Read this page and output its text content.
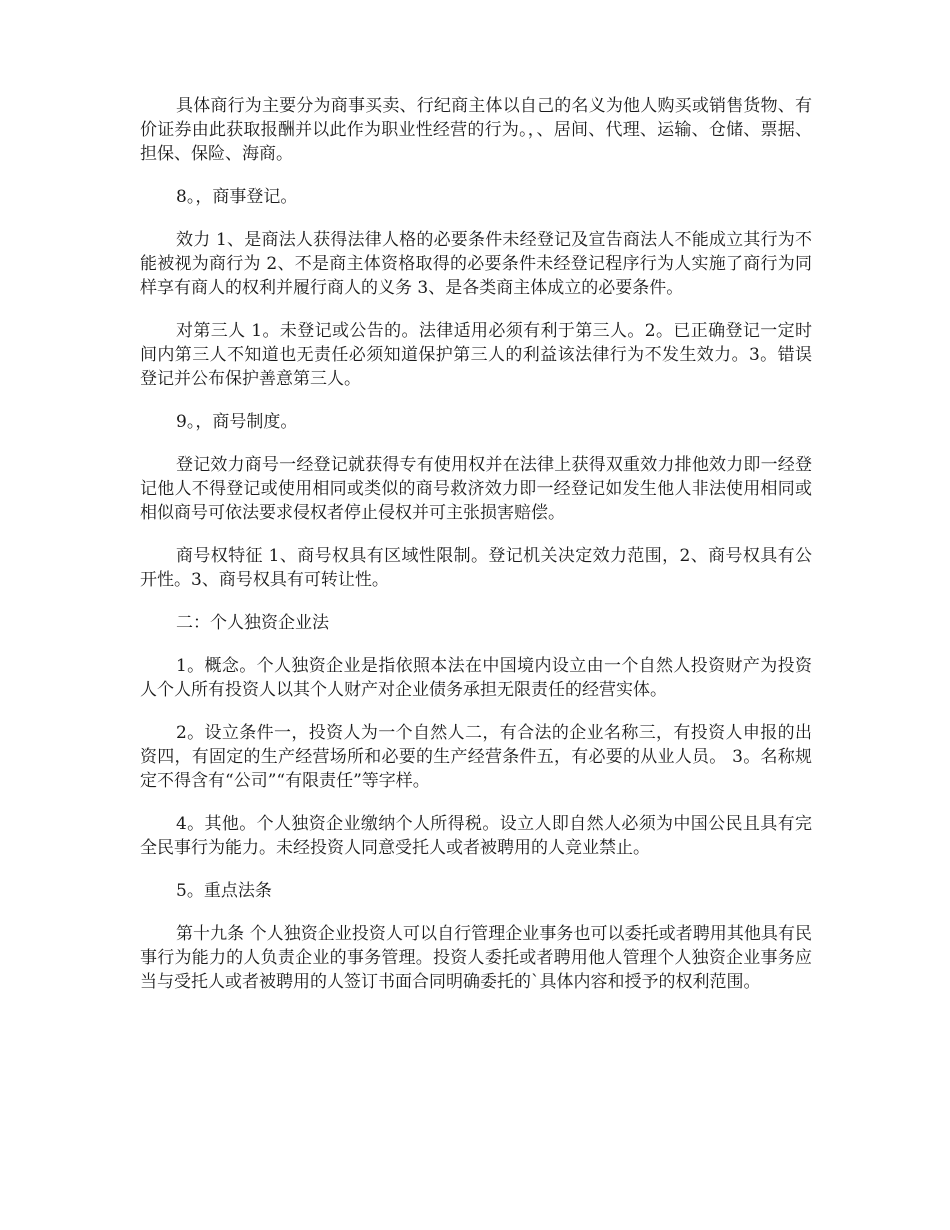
具体商行为主要分为商事买卖、行纪商主体以自己的名义为他人购买或销售货物、有价证券由此获取报酬并以此作为职业性经营的行为。，、居间、代理、运输、仓储、票据、担保、保险、海商。

8。，商事登记。

效力 1、是商法人获得法律人格的必要条件未经登记及宣告商法人不能成立其行为不能被视为商行为 2、不是商主体资格取得的必要条件未经登记程序行为人实施了商行为同样享有商人的权利并履行商人的义务 3、是各类商主体成立的必要条件。

对第三人 1。未登记或公告的。法律适用必须有利于第三人。2。已正确登记一定时间内第三人不知道也无责任必须知道保护第三人的利益该法律行为不发生效力。3。错误登记并公布保护善意第三人。

9。，商号制度。

登记效力商号一经登记就获得专有使用权并在法律上获得双重效力排他效力即一经登记他人不得登记或使用相同或类似的商号救济效力即一经登记如发生他人非法使用相同或相似商号可依法要求侵权者停止侵权并可主张损害赔偿。

商号权特征 1、商号权具有区域性限制。登记机关决定效力范围，2、商号权具有公开性。3、商号权具有可转让性。

二：个人独资企业法

1。概念。个人独资企业是指依照本法在中国境内设立由一个自然人投资财产为投资人个人所有投资人以其个人财产对企业债务承担无限责任的经营实体。

2。设立条件一，投资人为一个自然人二，有合法的企业名称三，有投资人申报的出资四，有固定的生产经营场所和必要的生产经营条件五，有必要的从业人员。 3。名称规定不得含有“公司”“有限责任”等字样。

4。其他。个人独资企业缴纳个人所得税。设立人即自然人必须为中国公民且具有完全民事行为能力。未经投资人同意受托人或者被聘用的人竞业禁止。

5。重点法条

第十九条 个人独资企业投资人可以自行管理企业事务也可以委托或者聘用其他具有民事行为能力的人负责企业的事务管理。投资人委托或者聘用他人管理个人独资企业事务应当与受托人或者被聘用的人签订书面合同明确委托的`具体内容和授予的权利范围。
